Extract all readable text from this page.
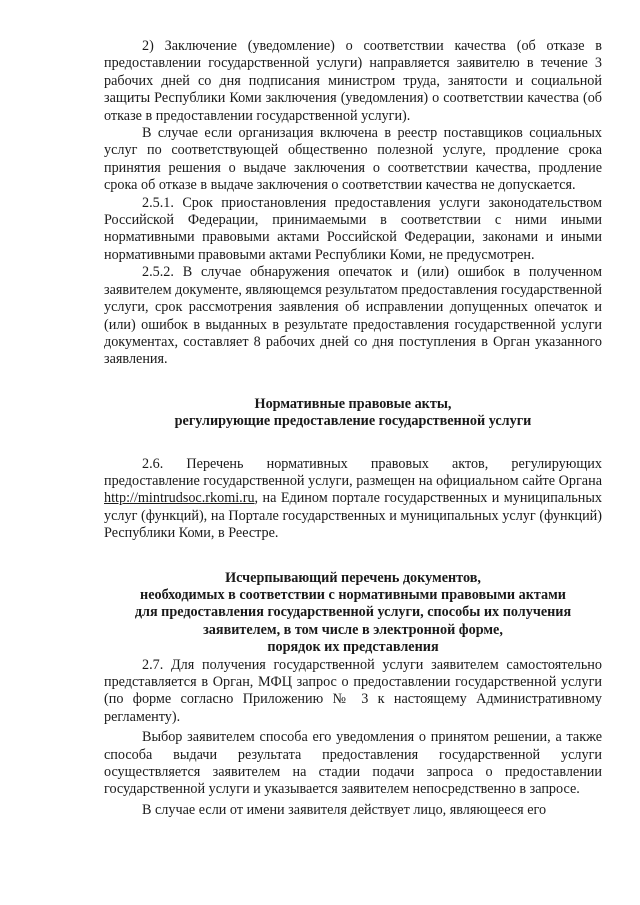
2) Заключение (уведомление) о соответствии качества (об отказе в предоставлении государственной услуги) направляется заявителю в течение 3 рабочих дней со дня подписания министром труда, занятости и социальной защиты Республики Коми заключения (уведомления) о соответствии качества (об отказе в предоставлении государственной услуги).

В случае если организация включена в реестр поставщиков социальных услуг по соответствующей общественно полезной услуге, продление срока принятия решения о выдаче заключения о соответствии качества, продление срока об отказе в выдаче заключения о соответствии качества не допускается.

2.5.1. Срок приостановления предоставления услуги законодательством Российской Федерации, принимаемыми в соответствии с ними иными нормативными правовыми актами Российской Федерации, законами и иными нормативными правовыми актами Республики Коми, не предусмотрен.

2.5.2. В случае обнаружения опечаток и (или) ошибок в полученном заявителем документе, являющемся результатом предоставления государственной услуги, срок рассмотрения заявления об исправлении допущенных опечаток и (или) ошибок в выданных в результате предоставления государственной услуги документах, составляет 8 рабочих дней со дня поступления в Орган указанного заявления.

Нормативные правовые акты,
регулирующие предоставление государственной услуги

2.6. Перечень нормативных правовых актов, регулирующих предоставление государственной услуги, размещен на официальном сайте Органа http://mintrudsoc.rkomi.ru, на Едином портале государственных и муниципальных услуг (функций), на Портале государственных и муниципальных услуг (функций) Республики Коми, в Реестре.

Исчерпывающий перечень документов,
необходимых в соответствии с нормативными правовыми актами
для предоставления государственной услуги, способы их получения
заявителем, в том числе в электронной форме,
порядок их представления

2.7. Для получения государственной услуги заявителем самостоятельно представляется в Орган, МФЦ запрос о предоставлении государственной услуги (по форме согласно Приложению № 3 к настоящему Административному регламенту).

Выбор заявителем способа его уведомления о принятом решении, а также способа выдачи результата предоставления государственной услуги осуществляется заявителем на стадии подачи запроса о предоставлении государственной услуги и указывается заявителем непосредственно в запросе.

В случае если от имени заявителя действует лицо, являющееся его
